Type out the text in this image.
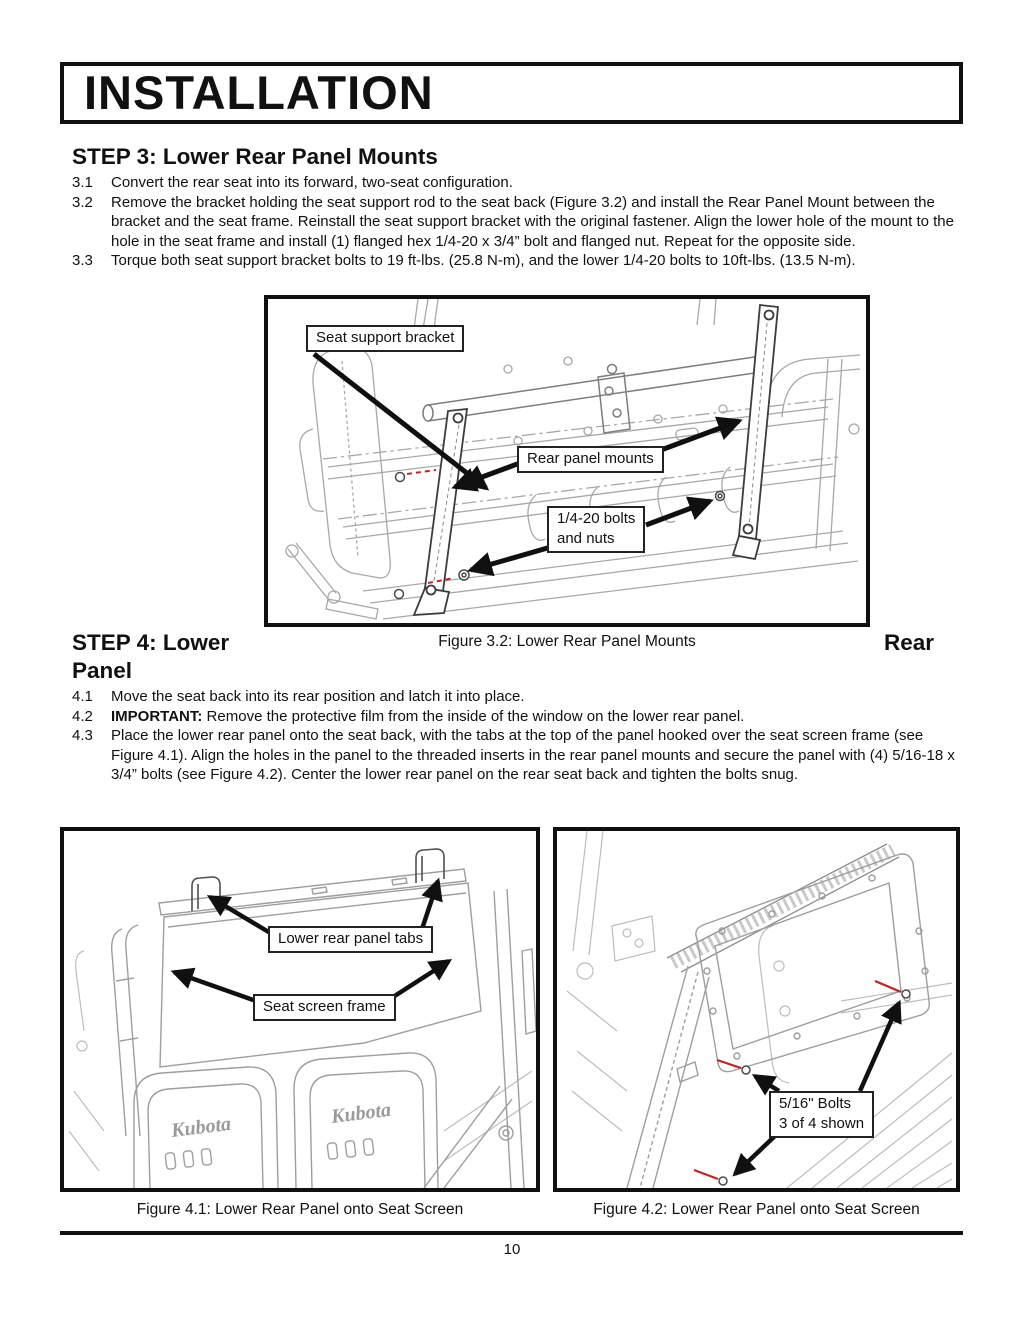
INSTALLATION
STEP 3: Lower Rear Panel Mounts
3.1	Convert the rear seat into its forward, two-seat configuration.
3.2	Remove the bracket holding the seat support rod to the seat back (Figure 3.2) and install the Rear Panel Mount between the bracket and the seat frame. Reinstall the seat support bracket with the original fastener. Align the lower hole of the mount to the hole in the seat frame and install (1) flanged hex 1/4-20 x 3/4” bolt and flanged nut. Repeat for the opposite side.
3.3	Torque both seat support bracket bolts to 19 ft-lbs. (25.8 N-m), and the lower 1/4-20 bolts to 10ft-lbs. (13.5 N-m).
Seat support bracket
Rear panel mounts
1/4-20 bolts
and nuts
STEP 4: Lower	Figure 3.2: Lower Rear Panel Mounts	Rear
Panel
4.1	Move the seat back into its rear position and latch it into place.
4.2	IMPORTANT: Remove the protective film from the inside of the window on the lower rear panel.
4.3	Place the lower rear panel onto the seat back, with the tabs at the top of the panel hooked over the seat screen frame (see Figure 4.1). Align the holes in the panel to the threaded inserts in the rear panel mounts and secure the panel with (4) 5/16-18 x 3/4” bolts (see Figure 4.2). Center the lower rear panel on the rear seat back and tighten the bolts snug.
Kubota	Kubota
Lower rear panel tabs
Seat screen frame
5/16" Bolts
3 of 4 shown
Figure 4.1: Lower Rear Panel onto Seat Screen	Figure 4.2: Lower Rear Panel onto Seat Screen
10
